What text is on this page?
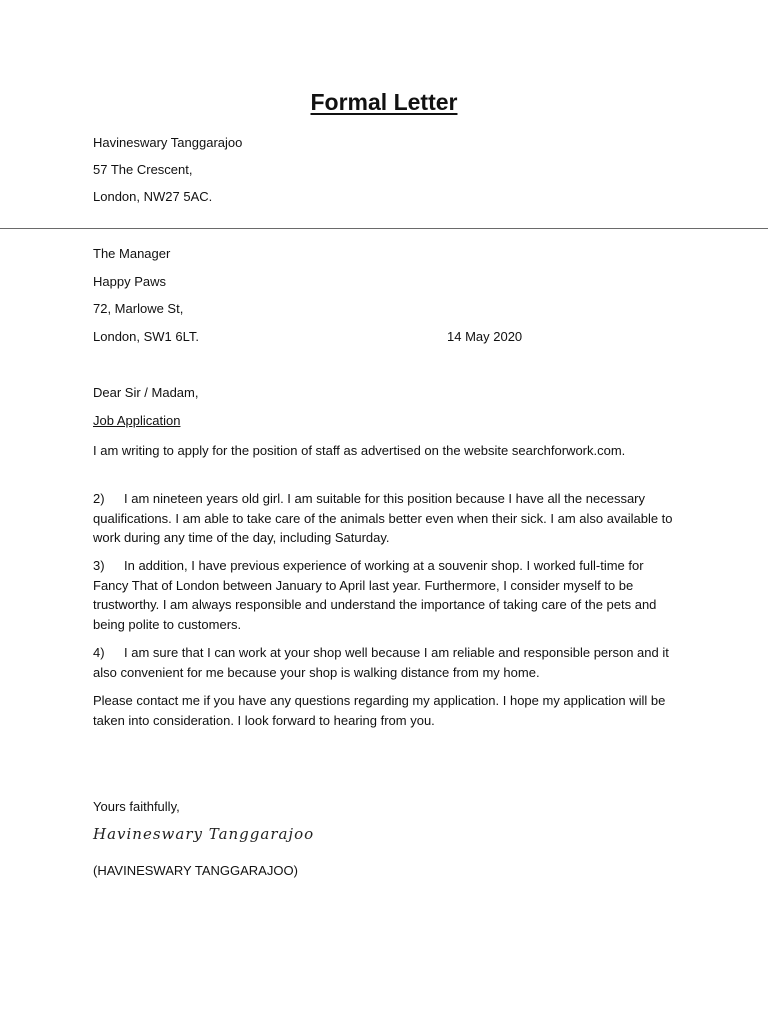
Formal Letter
Havineswary Tanggarajoo
57 The Crescent,
London, NW27 5AC.
The Manager
Happy Paws
72, Marlowe St,
London, SW1 6LT.	14 May 2020
Dear Sir / Madam,
Job Application
I am writing to apply for the position of staff as advertised on the website searchforwork.com.
2) I am nineteen years old girl. I am suitable for this position because I have all the necessary qualifications. I am able to take care of the animals better even when their sick. I am also available to work during any time of the day, including Saturday.
3) In addition, I have previous experience of working at a souvenir shop. I worked full-time for Fancy That of London between January to April last year. Furthermore, I consider myself to be trustworthy. I am always responsible and understand the importance of taking care of the pets and being polite to customers.
4) I am sure that I can work at your shop well because I am reliable and responsible person and it also convenient for me because your shop is walking distance from my home.
Please contact me if you have any questions regarding my application. I hope my application will be taken into consideration. I look forward to hearing from you.
Yours faithfully,
Havineswary Tanggarajoo
(HAVINESWARY TANGGARAJOO)
